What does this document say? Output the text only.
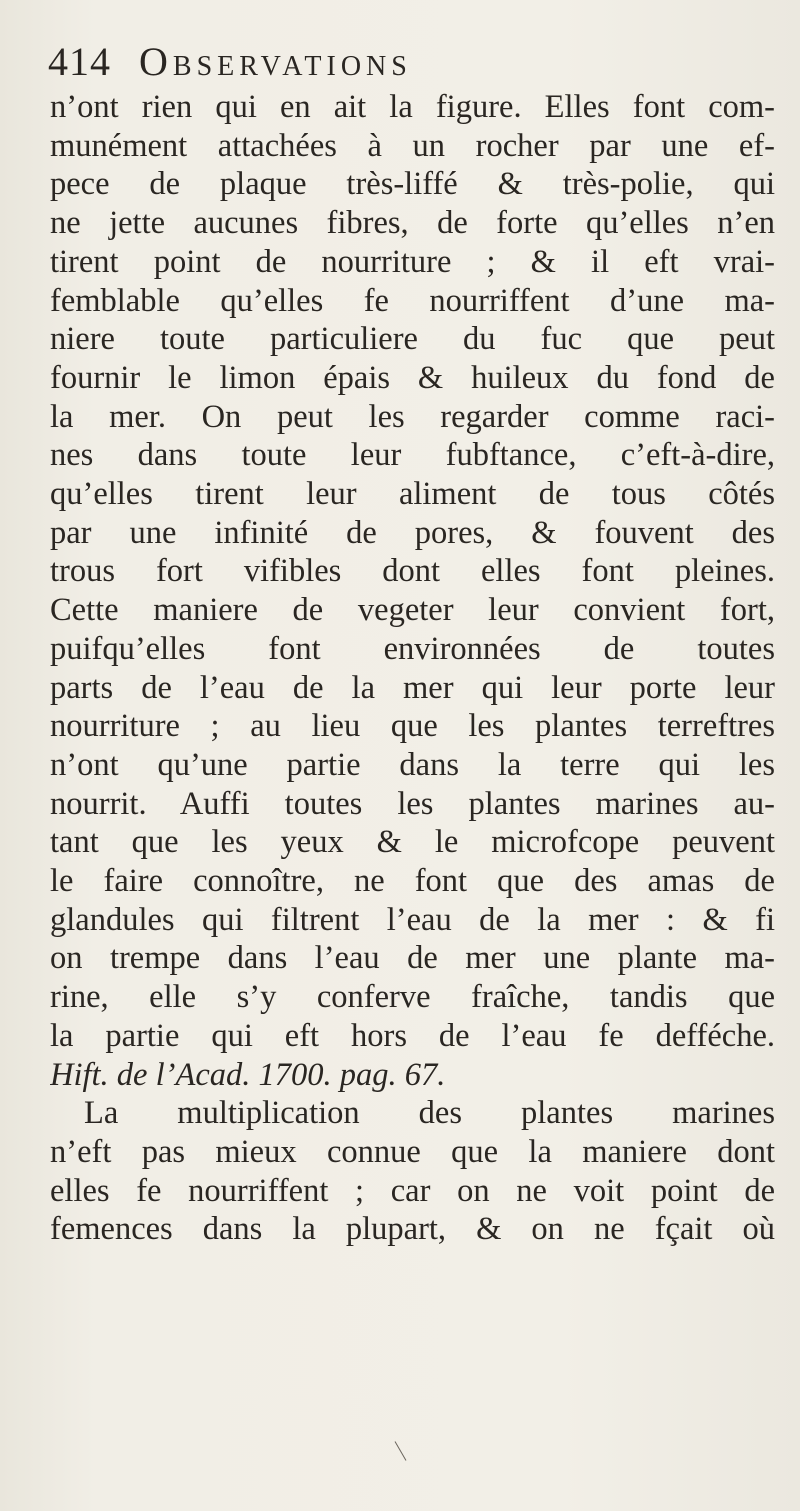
414 Observations
n’ont rien qui en ait la figure. Elles font com-
munément attachées à un rocher par une ef-
pece de plaque très-liffé & très-polie, qui
ne jette aucunes fibres, de forte qu’elles n’en
tirent point de nourriture ; & il eft vrai-
femblable qu’elles fe nourriffent d’une ma-
niere toute particuliere du fuc que peut
fournir le limon épais & huileux du fond de
la mer. On peut les regarder comme raci-
nes dans toute leur fubftance, c’eft-à-dire,
qu’elles tirent leur aliment de tous côtés
par une infinité de pores, & fouvent des
trous fort vifibles dont elles font pleines.
Cette maniere de vegeter leur convient fort,
puifqu’elles font environnées de toutes
parts de l’eau de la mer qui leur porte leur
nourriture ; au lieu que les plantes terreftres
n’ont qu’une partie dans la terre qui les
nourrit. Auffi toutes les plantes marines au-
tant que les yeux & le microfcope peuvent
le faire connoître, ne font que des amas de
glandules qui filtrent l’eau de la mer : & fi
on trempe dans l’eau de mer une plante ma-
rine, elle s’y conferve fraîche, tandis que
la partie qui eft hors de l’eau fe defféche.
Hift. de l’Acad. 1700. pag. 67.
La multiplication des plantes marines
n’eft pas mieux connue que la maniere dont
elles fe nourriffent ; car on ne voit point de
femences dans la plupart, & on ne fçait où
